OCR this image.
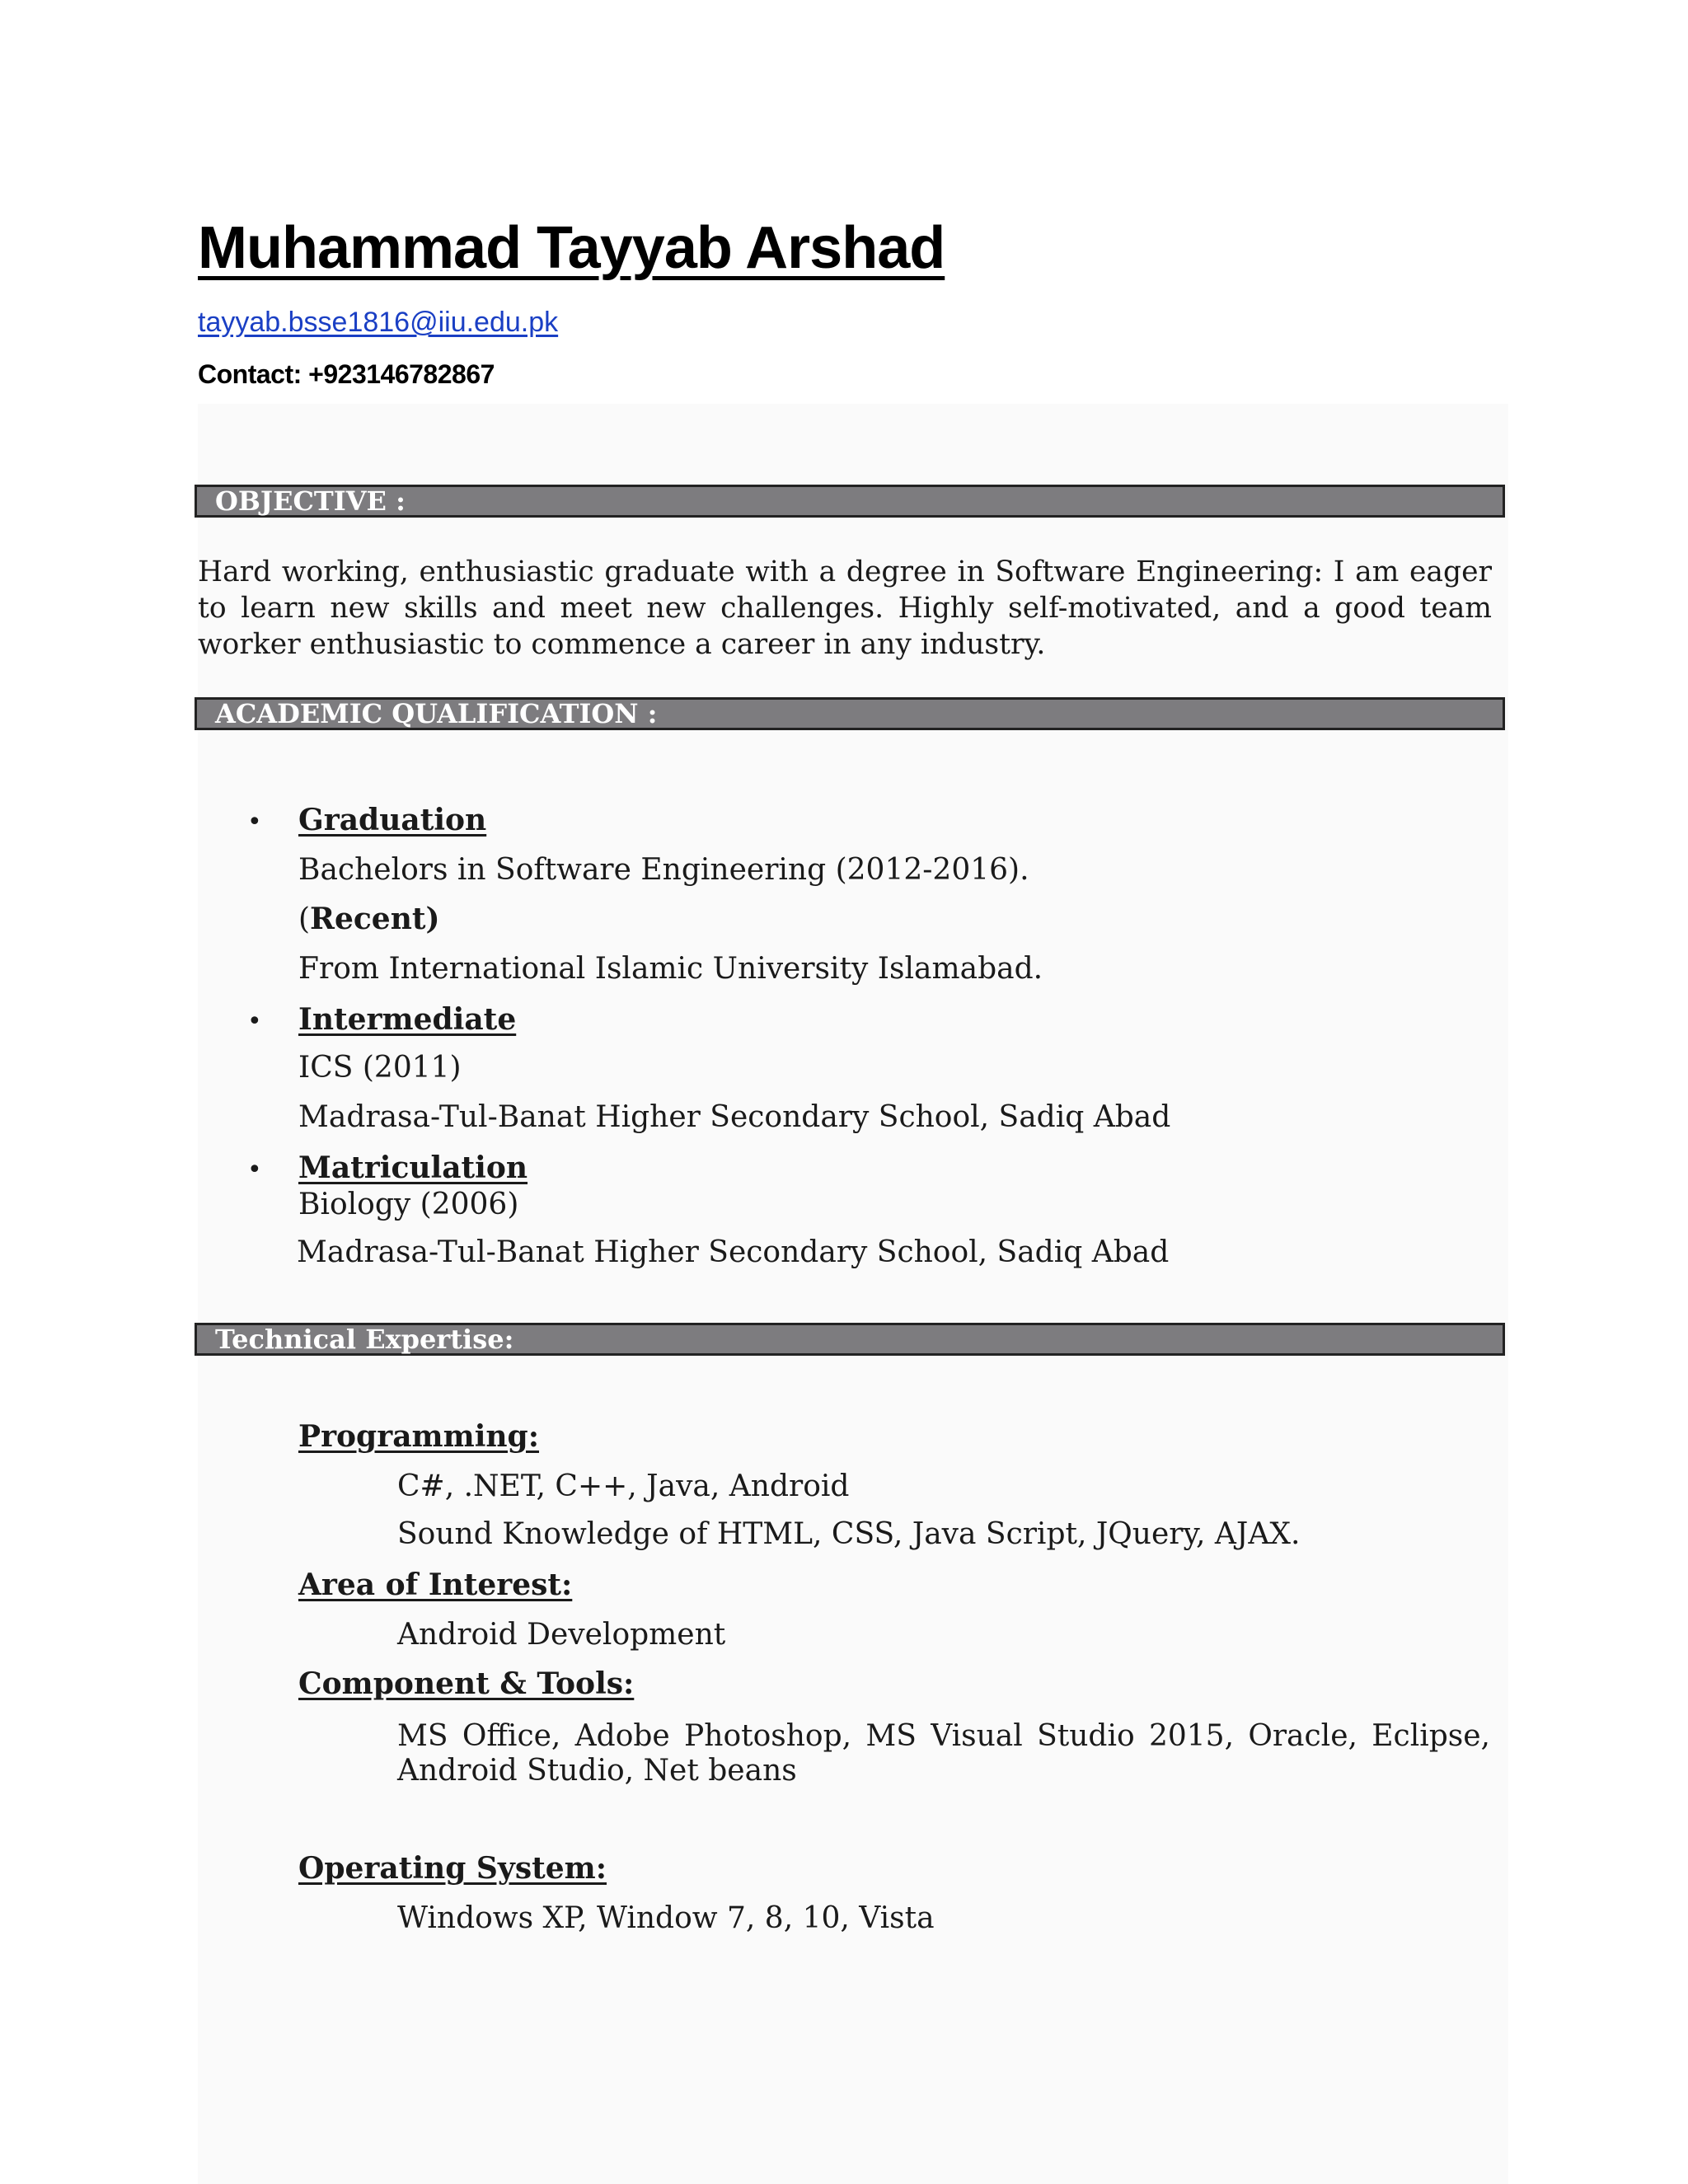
Muhammad Tayyab Arshad
tayyab.bsse1816@iiu.edu.pk
Contact: +923146782867
OBJECTIVE :

Hard working, enthusiastic graduate with a degree in Software Engineering: I am eager to learn new skills and meet new challenges. Highly self-motivated, and a good team worker enthusiastic to commence a career in any industry.

ACADEMIC QUALIFICATION :
• Graduation
Bachelors in Software Engineering (2012-2016).
(Recent)
From International Islamic University Islamabad.
• Intermediate
ICS (2011)
Madrasa-Tul-Banat Higher Secondary School, Sadiq Abad
• Matriculation
Biology (2006)
Madrasa-Tul-Banat Higher Secondary School, Sadiq Abad
Technical Expertise:
Programming:
C#, .NET, C++, Java, Android
Sound Knowledge of HTML, CSS, Java Script, JQuery, AJAX.
Area of Interest:
Android Development
Component & Tools:

MS Office, Adobe Photoshop, MS Visual Studio 2015, Oracle, Eclipse, Android Studio, Net beans

Operating System:
Windows XP, Window 7, 8, 10, Vista
